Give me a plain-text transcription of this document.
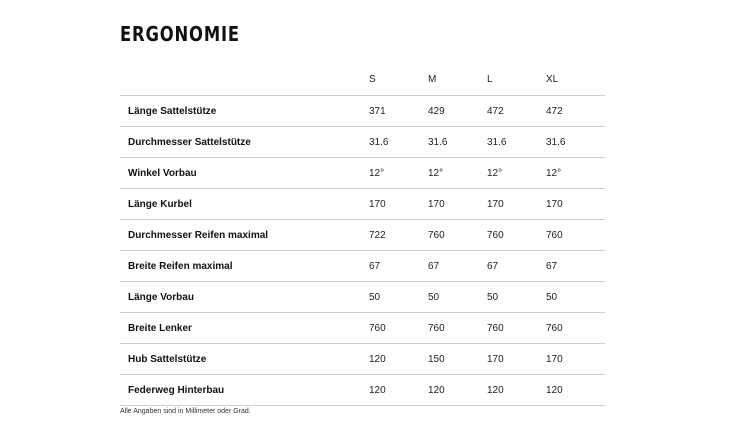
ERGONOMIE
	S	M	L	XL
Länge Sattelstütze	371	429	472	472
Durchmesser Sattelstütze	31.6	31.6	31.6	31.6
Winkel Vorbau	12°	12°	12°	12°
Länge Kurbel	170	170	170	170
Durchmesser Reifen maximal	722	760	760	760
Breite Reifen maximal	67	67	67	67
Länge Vorbau	50	50	50	50
Breite Lenker	760	760	760	760
Hub Sattelstütze	120	150	170	170
Federweg Hinterbau	120	120	120	120

Alle Angaben sind in Millimeter oder Grad.
